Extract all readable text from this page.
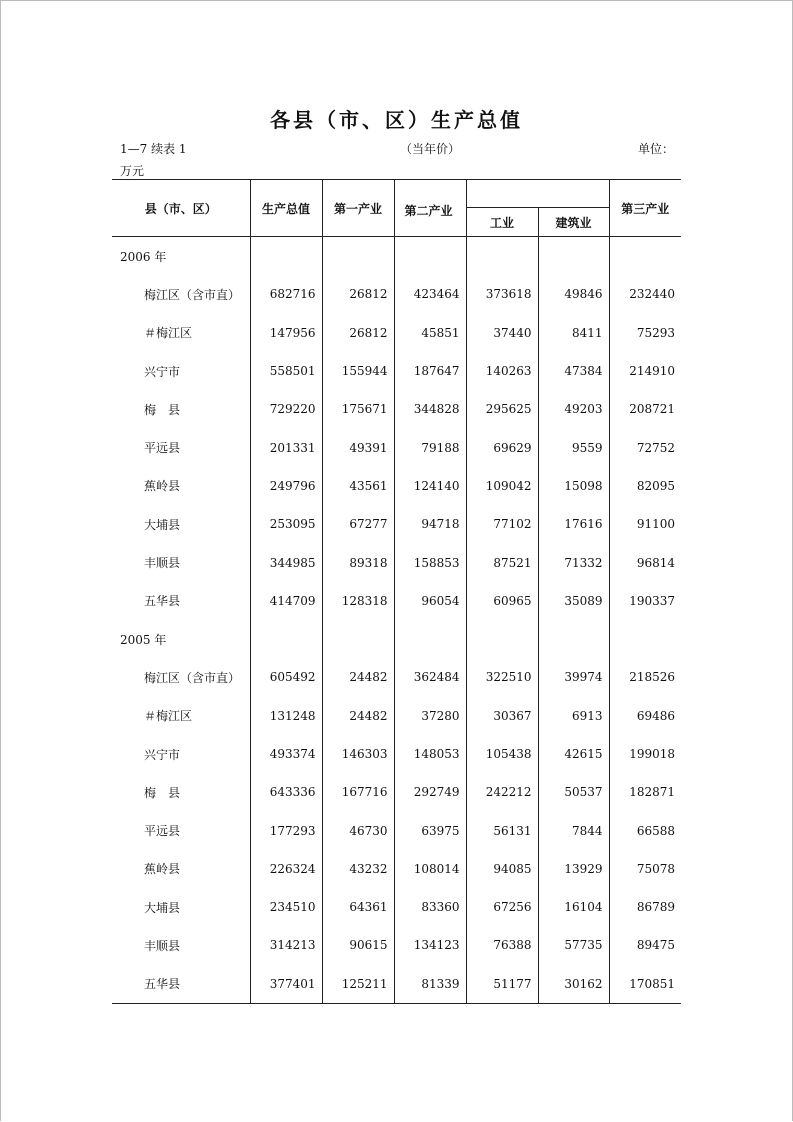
各县（市、区）生产总值
1—7 续表 1	（当年价）	单位：
万元
县（市、区）	生产总值	第一产业	第二产业			第三产业
				工业	建筑业	
2006 年						
梅江区（含市直）	682716	26812	423464	373618	49846	232440
＃梅江区	147956	26812	45851	37440	8411	75293
兴宁市	558501	155944	187647	140263	47384	214910
梅　县	729220	175671	344828	295625	49203	208721
平远县	201331	49391	79188	69629	9559	72752
蕉岭县	249796	43561	124140	109042	15098	82095
大埔县	253095	67277	94718	77102	17616	91100
丰顺县	344985	89318	158853	87521	71332	96814
五华县	414709	128318	96054	60965	35089	190337
2005 年						
梅江区（含市直）	605492	24482	362484	322510	39974	218526
＃梅江区	131248	24482	37280	30367	6913	69486
兴宁市	493374	146303	148053	105438	42615	199018
梅　县	643336	167716	292749	242212	50537	182871
平远县	177293	46730	63975	56131	7844	66588
蕉岭县	226324	43232	108014	94085	13929	75078
大埔县	234510	64361	83360	67256	16104	86789
丰顺县	314213	90615	134123	76388	57735	89475
五华县	377401	125211	81339	51177	30162	170851
